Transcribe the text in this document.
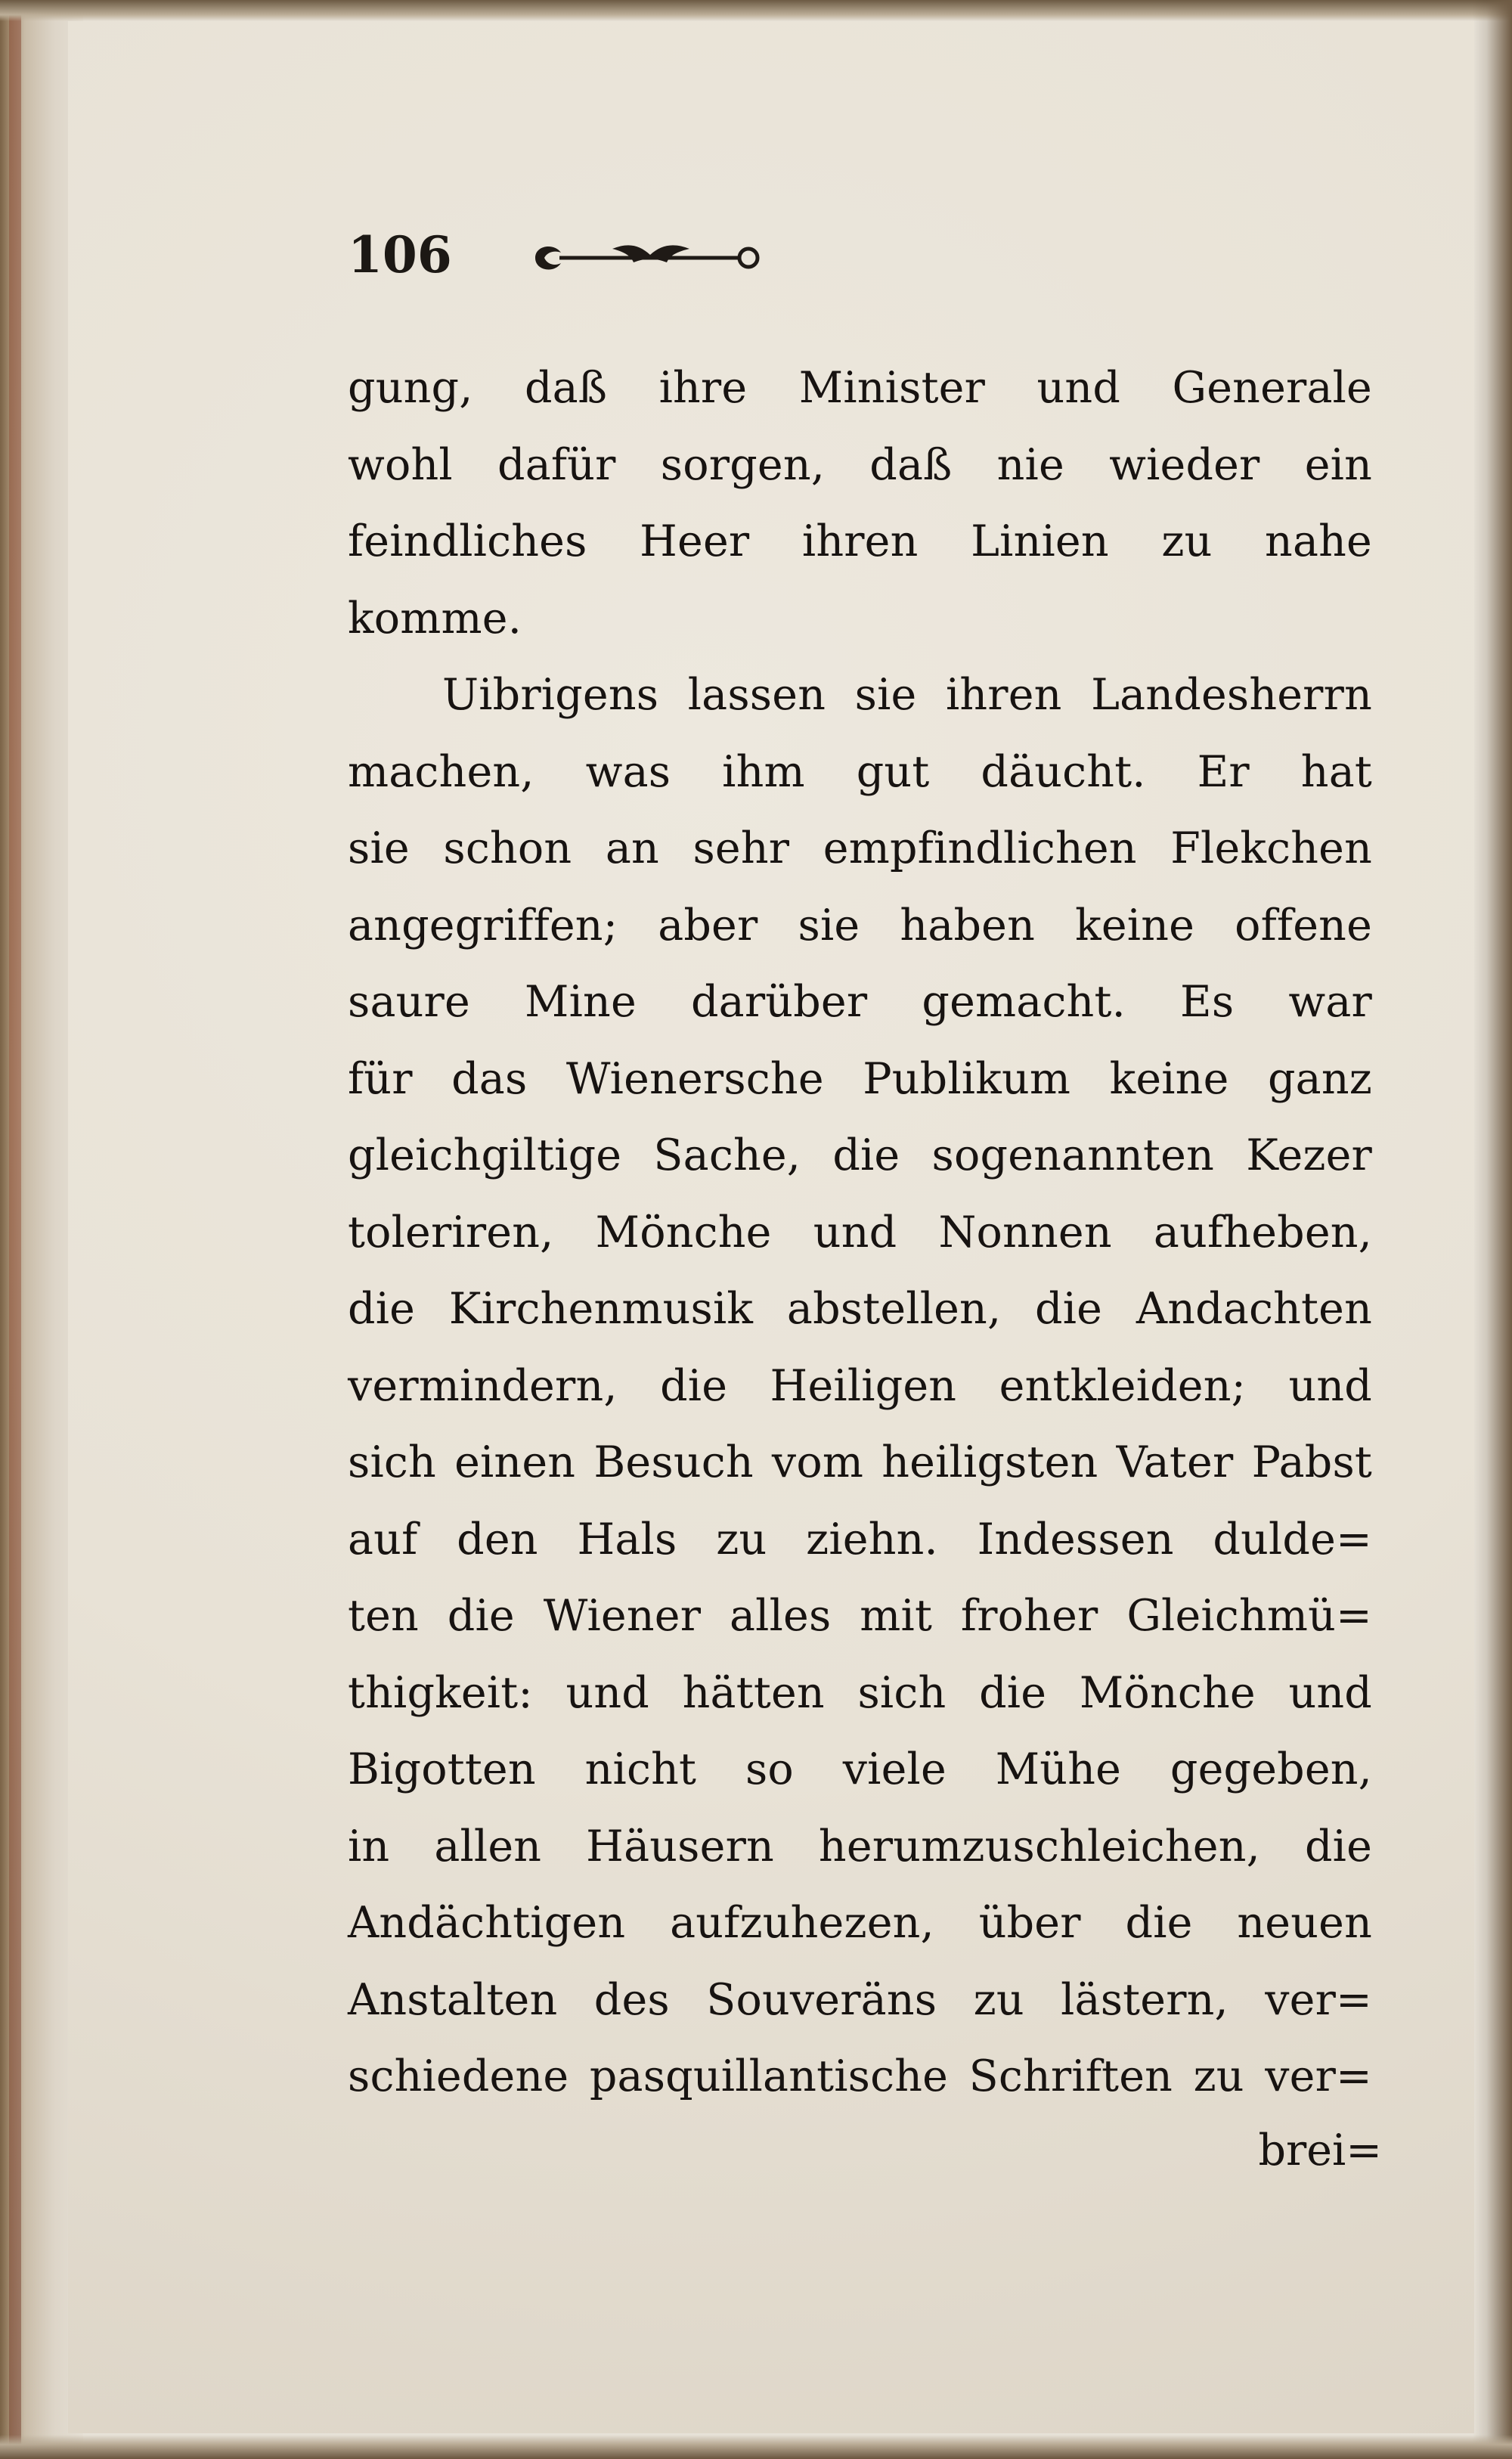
106
gung, daß ihre Minister und Generale
wohl dafür sorgen, daß nie wieder ein
feindliches Heer ihren Linien zu nahe
komme.
Uibrigens lassen sie ihren Landesherrn
machen, was ihm gut däucht. Er hat
sie schon an sehr empfindlichen Flekchen
angegriffen; aber sie haben keine offene
saure Mine darüber gemacht. Es war
für das Wienersche Publikum keine ganz
gleichgiltige Sache, die sogenannten Kezer
toleriren, Mönche und Nonnen aufheben,
die Kirchenmusik abstellen, die Andachten
vermindern, die Heiligen entkleiden; und
sich einen Besuch vom heiligsten Vater Pabst
auf den Hals zu ziehn. Indessen dulde=
ten die Wiener alles mit froher Gleichmü=
thigkeit: und hätten sich die Mönche und
Bigotten nicht so viele Mühe gegeben,
in allen Häusern herumzuschleichen, die
Andächtigen aufzuhezen, über die neuen
Anstalten des Souveräns zu lästern, ver=
schiedene pasquillantische Schriften zu ver=
brei=
